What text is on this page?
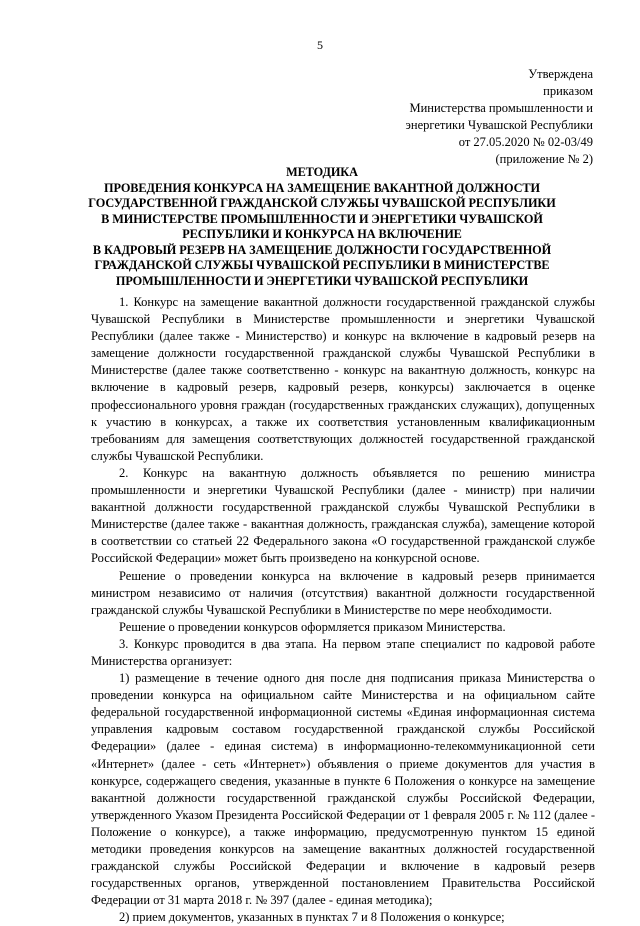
5
Утверждена
приказом
Министерства промышленности и
энергетики Чувашской Республики
от 27.05.2020 № 02-03/49
(приложение № 2)
МЕТОДИКА
ПРОВЕДЕНИЯ КОНКУРСА НА ЗАМЕЩЕНИЕ ВАКАНТНОЙ ДОЛЖНОСТИ
ГОСУДАРСТВЕННОЙ ГРАЖДАНСКОЙ СЛУЖБЫ ЧУВАШСКОЙ РЕСПУБЛИКИ
В МИНИСТЕРСТВЕ ПРОМЫШЛЕННОСТИ И ЭНЕРГЕТИКИ ЧУВАШСКОЙ
РЕСПУБЛИКИ И КОНКУРСА НА ВКЛЮЧЕНИЕ
В КАДРОВЫЙ РЕЗЕРВ НА ЗАМЕЩЕНИЕ ДОЛЖНОСТИ ГОСУДАРСТВЕННОЙ
ГРАЖДАНСКОЙ СЛУЖБЫ ЧУВАШСКОЙ РЕСПУБЛИКИ В МИНИСТЕРСТВЕ
ПРОМЫШЛЕННОСТИ И ЭНЕРГЕТИКИ ЧУВАШСКОЙ РЕСПУБЛИКИ

1. Конкурс на замещение вакантной должности государственной гражданской службы Чувашской Республики в Министерстве промышленности и энергетики Чувашской Республики (далее также - Министерство) и конкурс на включение в кадровый резерв на замещение должности государственной гражданской службы Чувашской Республики в Министерстве (далее также соответственно - конкурс на вакантную должность, конкурс на включение в кадровый резерв, кадровый резерв, конкурсы) заключается в оценке профессионального уровня граждан (государственных гражданских служащих), допущенных к участию в конкурсах, а также их соответствия установленным квалификационным требованиям для замещения соответствующих должностей государственной гражданской службы Чувашской Республики.

2. Конкурс на вакантную должность объявляется по решению министра промышленности и энергетики Чувашской Республики (далее - министр) при наличии вакантной должности государственной гражданской службы Чувашской Республики в Министерстве (далее также - вакантная должность, гражданская служба), замещение которой в соответствии со статьей 22 Федерального закона «О государственной гражданской службе Российской Федерации» может быть произведено на конкурсной основе.

Решение о проведении конкурса на включение в кадровый резерв принимается министром независимо от наличия (отсутствия) вакантной должности государственной гражданской службы Чувашской Республики в Министерстве по мере необходимости.

Решение о проведении конкурсов оформляется приказом Министерства.

3. Конкурс проводится в два этапа. На первом этапе специалист по кадровой работе Министерства организует:

1) размещение в течение одного дня после дня подписания приказа Министерства о проведении конкурса на официальном сайте Министерства и на официальном сайте федеральной государственной информационной системы «Единая информационная система управления кадровым составом государственной гражданской службы Российской Федерации» (далее - единая система) в информационно-телекоммуникационной сети «Интернет» (далее - сеть «Интернет») объявления о приеме документов для участия в конкурсе, содержащего сведения, указанные в пункте 6 Положения о конкурсе на замещение вакантной должности государственной гражданской службы Российской Федерации, утвержденного Указом Президента Российской Федерации от 1 февраля 2005 г. № 112 (далее - Положение о конкурсе), а также информацию, предусмотренную пунктом 15 единой методики проведения конкурсов на замещение вакантных должностей государственной гражданской службы Российской Федерации и включение в кадровый резерв государственных органов, утвержденной постановлением Правительства Российской Федерации от 31 марта 2018 г. № 397 (далее - единая методика);

2) прием документов, указанных в пунктах 7 и 8 Положения о конкурсе;
